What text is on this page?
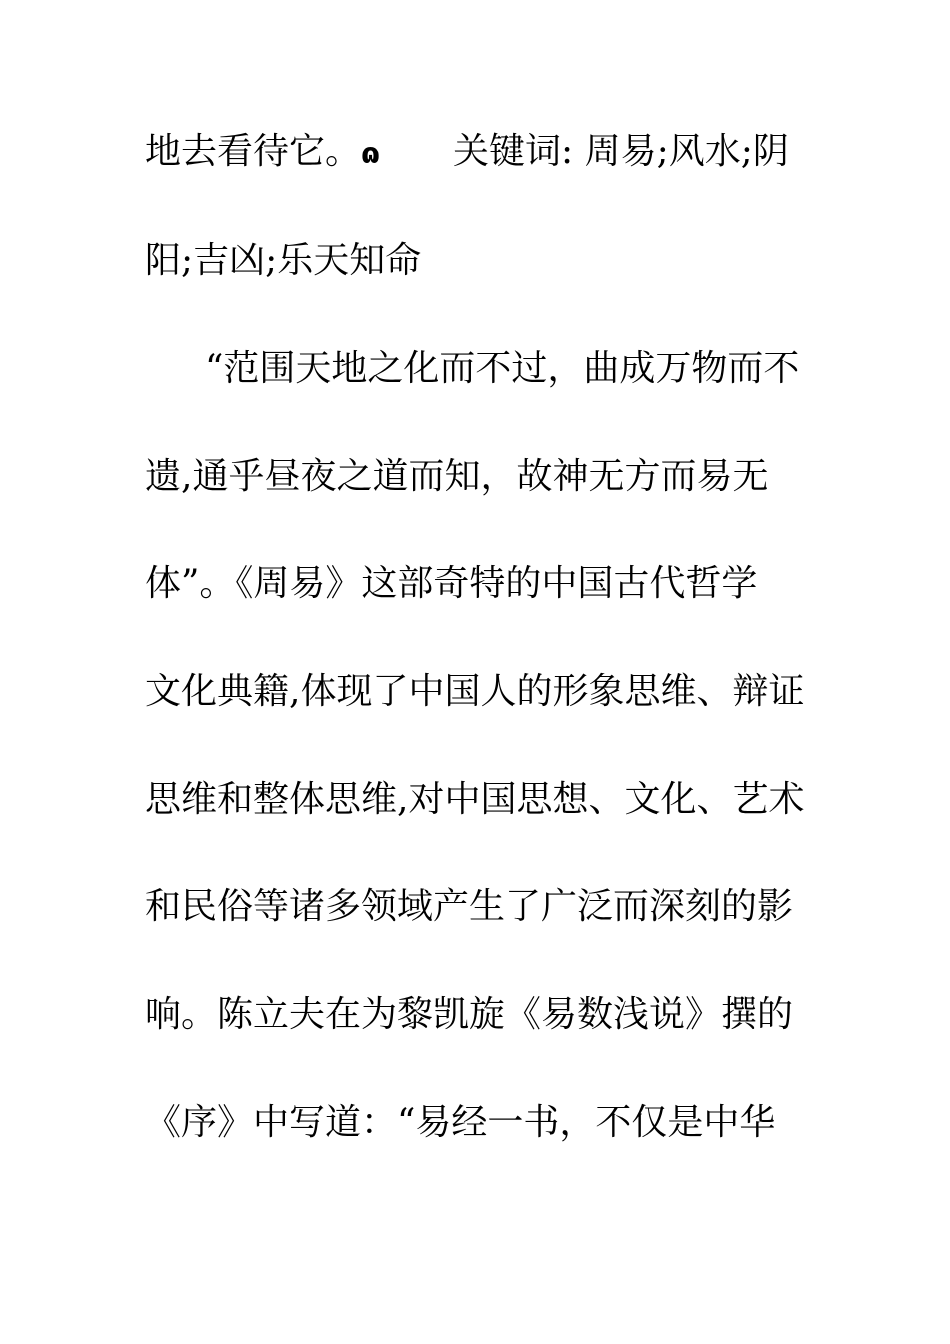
地去看待它。ɷ 关键词: 周易;风水;阴
阳;吉凶;乐天知命
“范围天地之化而不过，曲成万物而不
遗,通乎昼夜之道而知，故神无方而易无
体”。《周易》这部奇特的中国古代哲学
文化典籍,体现了中国人的形象思维、辩证
思维和整体思维,对中国思想、文化、艺术
和民俗等诸多领域产生了广泛而深刻的影
响。陈立夫在为黎凯旋《易数浅说》撰的
《序》中写道：“易经一书，不仅是中华
